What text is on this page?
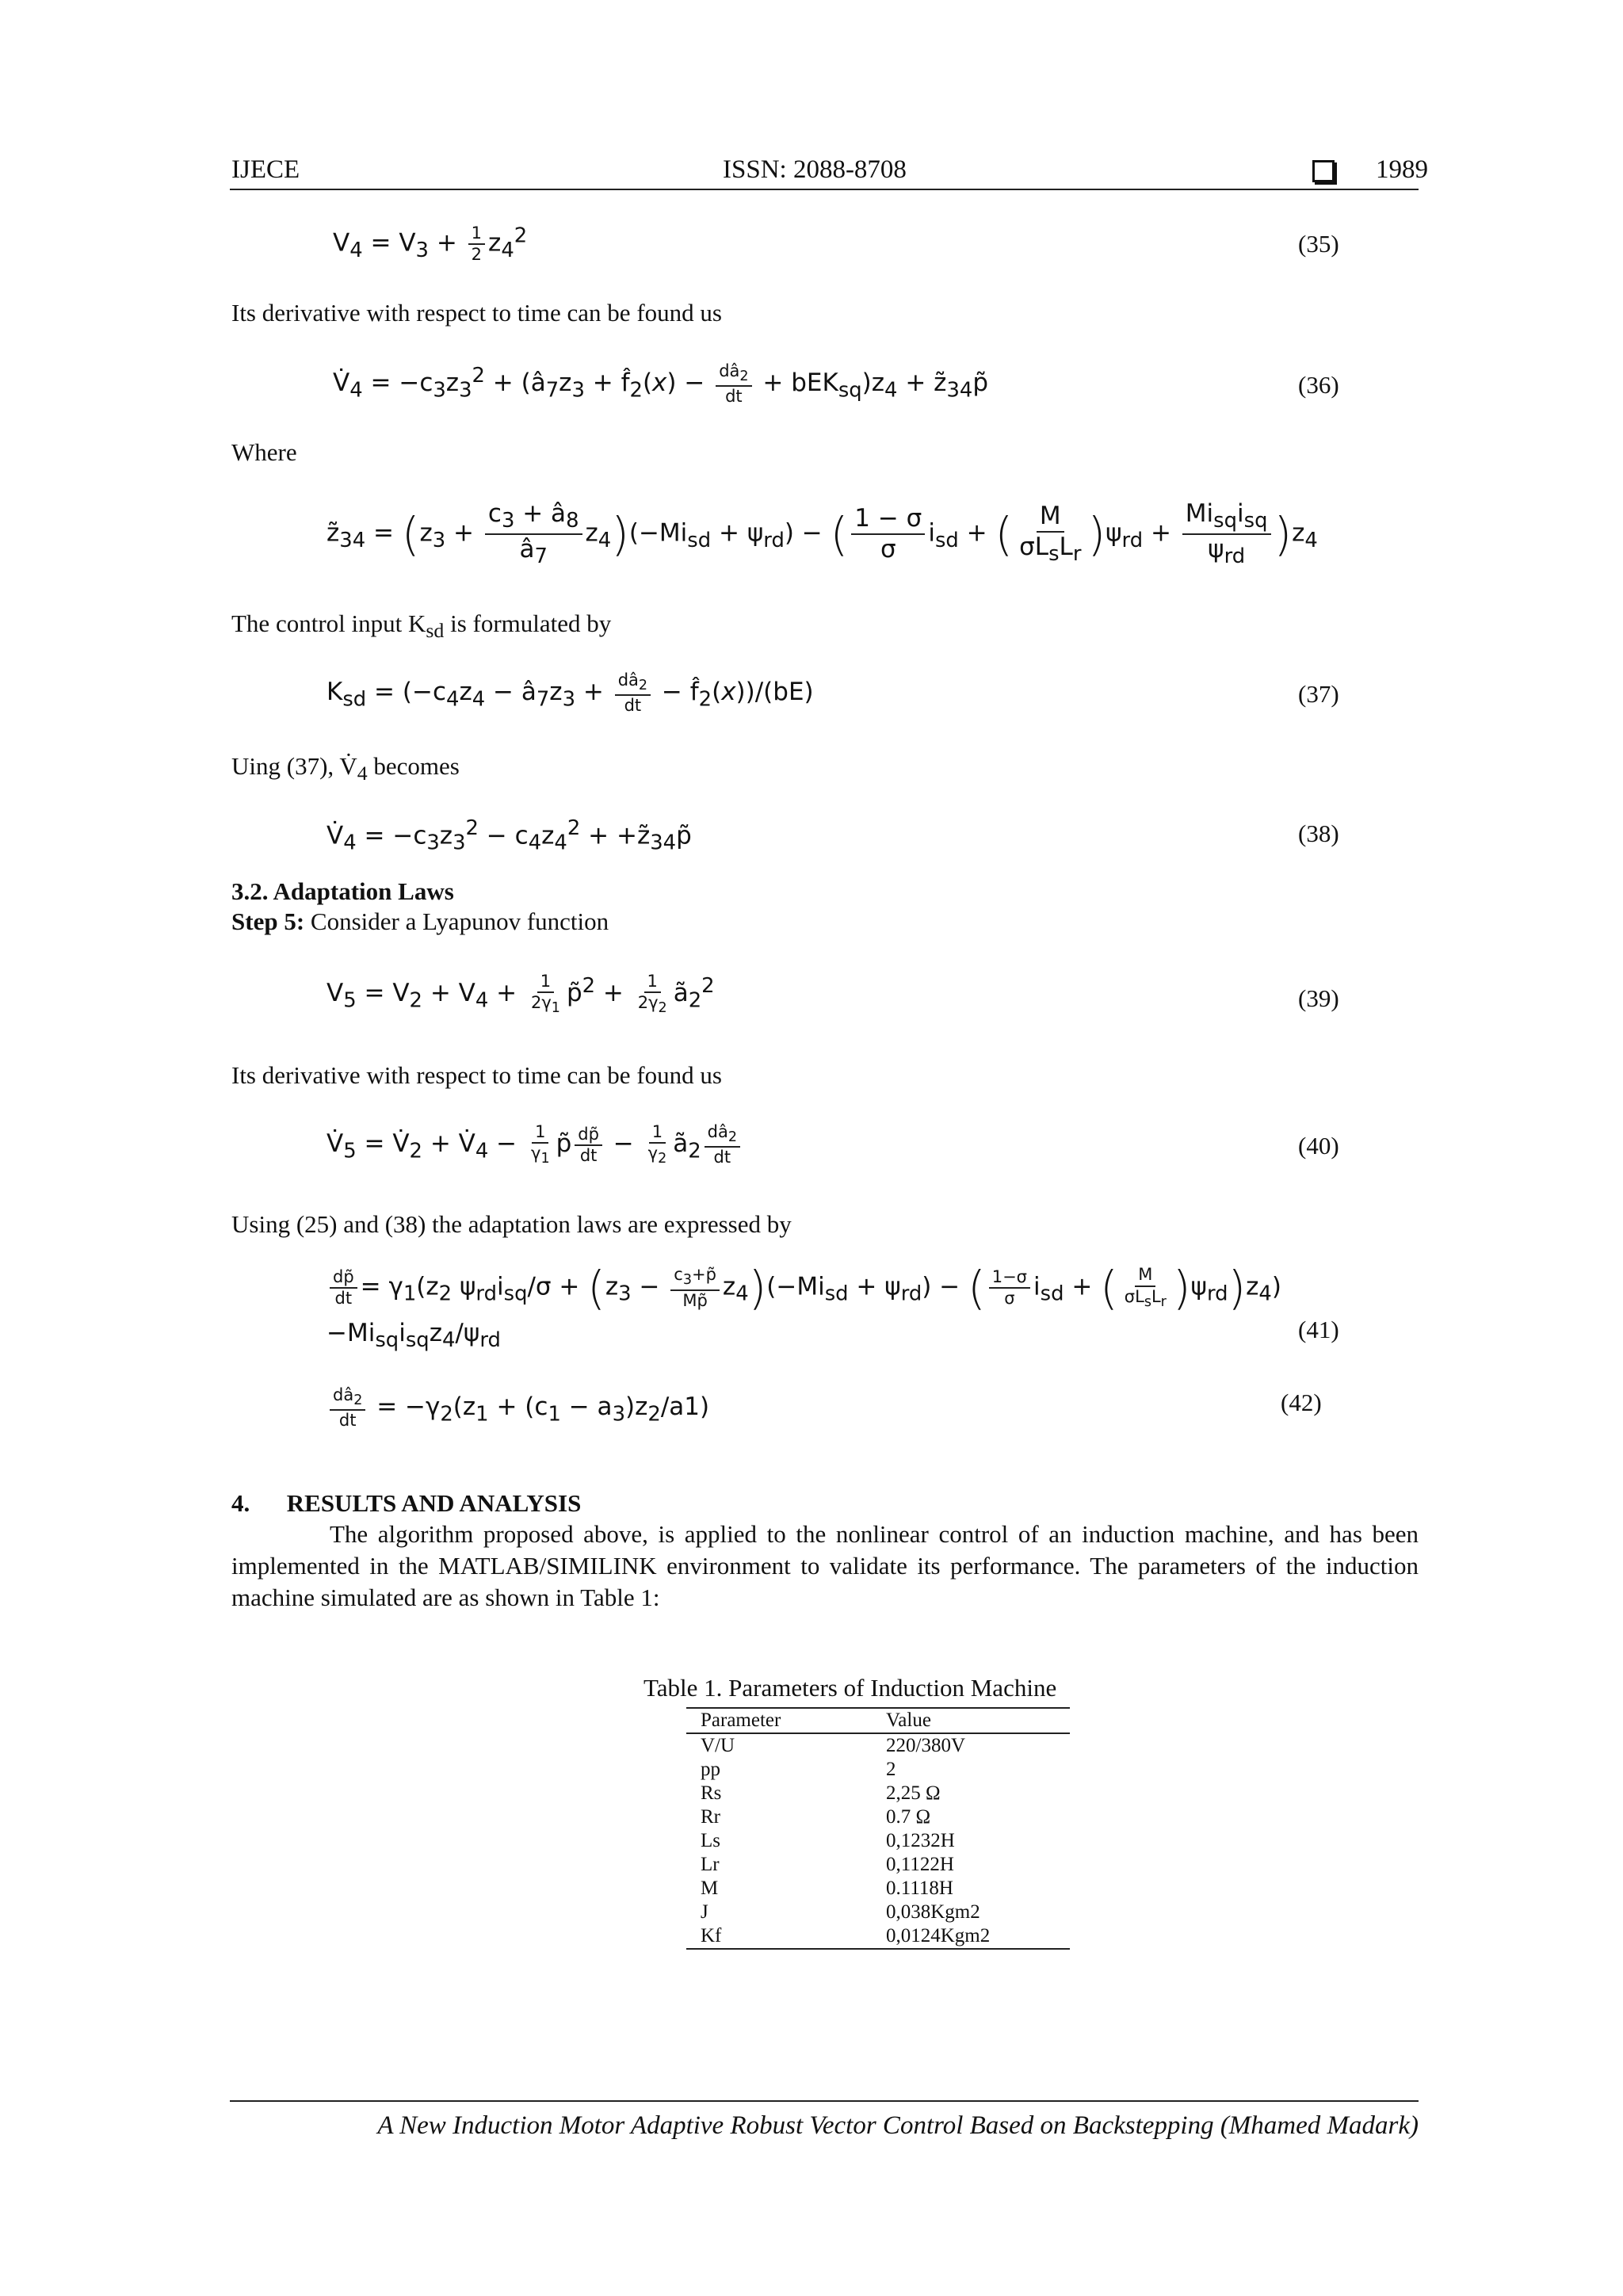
IJECE	ISSN: 2088-8708	1989
$V_4 = V_3 + \frac{1}{2} z_4^2$	(35)
Its derivative with respect to time can be found us
$V̇_4 = -c_3z_3^2$ + ($â_7z_3$ + $f̂_2(x) - \frac{dâ_2}{dt} + bEK_{sq})z_4$ + $z̃_{34}p̃$	(36)
Where
$z̃_{34} = (z_3 + \frac{c_3 + â_8}{â_7} z_4)(-Mi_{sd} + \psi_{rd})$ − ( $\frac{1 - \sigma}{\sigma} i_{sd}$ + ( $\frac{M}{\sigma L_sL_r} )\psi_{rd} + \frac{Mi_{sq}i_{sq}}{\psi_{rd}} )z_4$
The control input $K_{sd}$ is formulated by
$K_{sd} = (-c_4z_4$ − $â_7z_3 + \frac{dâ_2}{dt}$ − $f̂_2(x))/(bE)$	(37)
Uing (37), $V̇_4$ becomes
$V̇_4 = -c_3z_3^2 - c_4z_4^2$ + $+z̃_{34}p̃$	(38)
3.2. Adaptation Laws
Step 5: Consider a Lyapunov function
$V_5 = V_2 + V_4 + \frac{1}{2\gamma_1}$ p̃$^2$ + $\frac{1}{2\gamma_2}$ $ã_2^2$	(39)
Its derivative with respect to time can be found us
$V̇_5$ = $V̇_2$ + $V̇_4 - \frac{1}{\gamma_1}$ p̃ $\frac{dp̃}{dt} - \frac{1}{\gamma_2}$ $ã_2 \frac{dâ_2}{dt}$	(40)
Using (25) and (38) the adaptation laws are expressed by
$\frac{dp̃}{dt} = \gamma_1(z_2$ $\psi_{rd}i_{sq}/\sigma + (z_3 - \frac{c_3+p̃}{Mp̃} z_4)(-Mi_{sd} + \psi_{rd})$ − ( $\frac{1-\sigma}{\sigma} i_{sd}$ + ( $\frac{M}{\sigma L_sL_r} )\psi_{rd})z_4$)
$-Mi_{sq}i_{sq}z_4/\psi_{rd}$	(41)
$\frac{dâ_2}{dt} = -\gamma_2(z_1 + (c_1 - a_3)z_2/a1)$	(42)
4.      RESULTS AND ANALYSIS
The algorithm proposed above, is applied to the nonlinear control of an induction machine, and has been implemented in the MATLAB/SIMILINK environment to validate its performance. The parameters of the induction machine simulated are as shown in Table 1:
Table 1. Parameters of Induction Machine
Parameter	Value
V/U	220/380V
pp	2
Rs	2,25 Ω
Rr	0.7 Ω
Ls	0,1232H
Lr	0,1122H
M	0.1118H
J	0,038Kgm2
Kf	0,0124Kgm2
A New Induction Motor Adaptive Robust Vector Control Based on Backstepping (Mhamed Madark)
